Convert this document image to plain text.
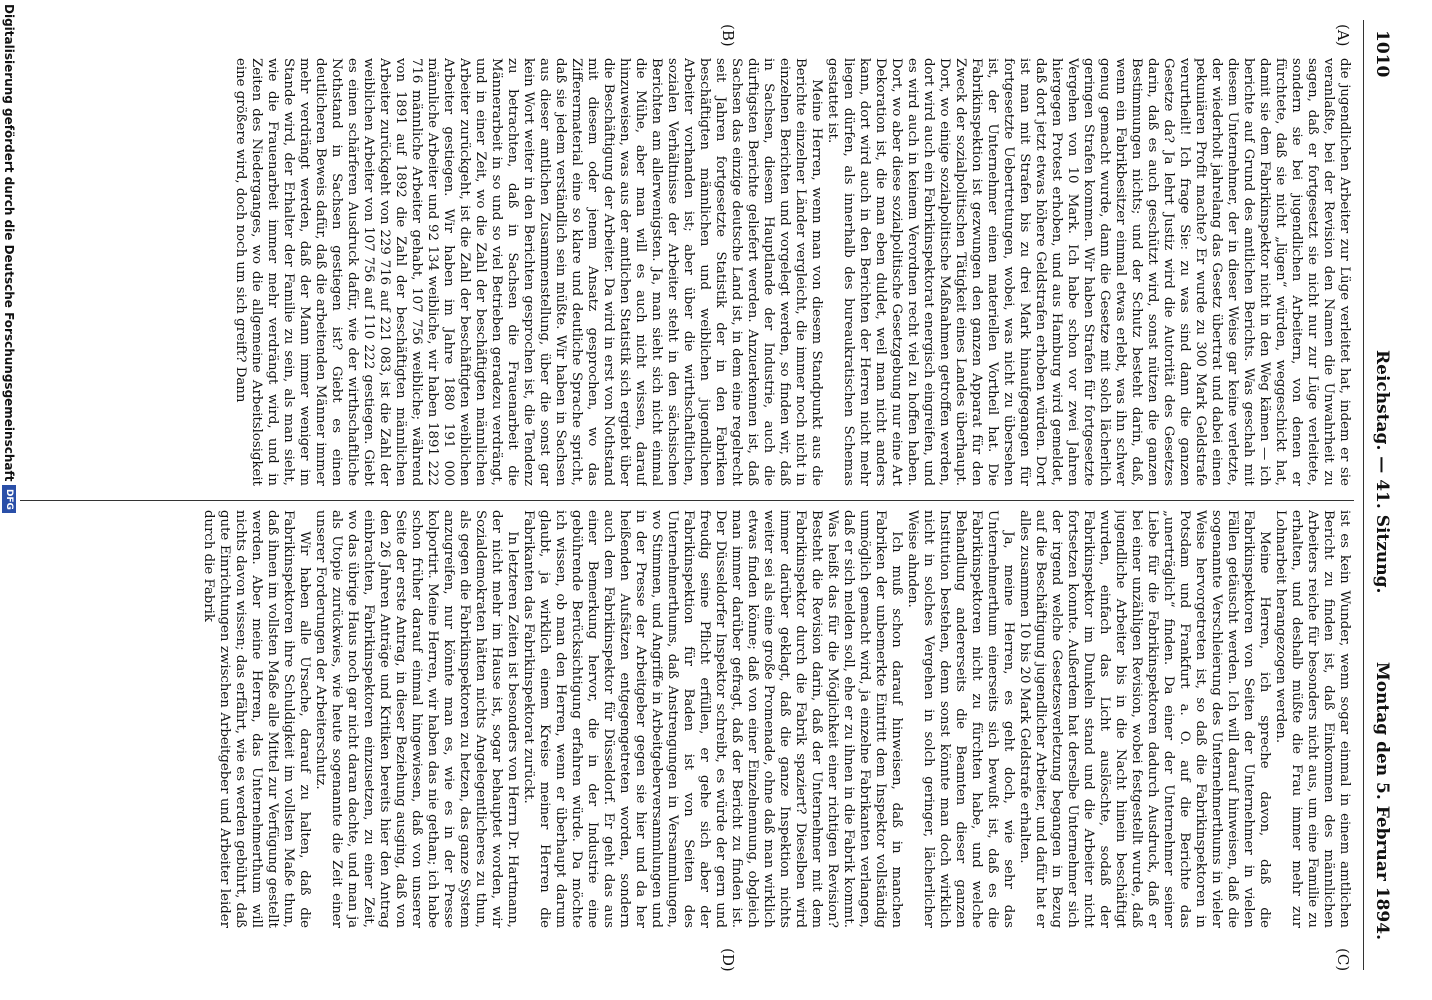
1010
Reichstag. — 41. Sitzung.
Montag den 5. Februar 1894.
(A)
(B)
(C)
(D)

die jugendlichen Arbeiter zur Lüge verleitet hat, indem er sie veranlaßte, bei der Revision den Namen die Unwahrheit zu sagen, daß er fortgesetzt sie nicht nur zur Lüge verleitete, sondern sie bei jugendlichen Arbeitern, von denen er fürchtete, daß sie nicht „lügen“ würden, weggeschickt hat, damit sie dem Fabrikinspektor nicht in den Weg kämen — ich berichte auf Grund des amtlichen Berichts. Was geschah mit diesem Unternehmer, der in dieser Weise gar keine verletzte, der wiederholt jahrelang das Gesetz übertrat und dabei einen pekuniären Profit machte? Er wurde zu 300 Mark Geldstrafe verurtheilt! Ich frage Sie: zu was sind dann die ganzen Gesetze da? Ja lehrt Justiz wird die Autorität des Gesetzes darin, daß es auch geschützt wird, sonst nützen die ganzen Bestimmungen nichts; und der Schutz besteht darin, daß, wenn ein Fabrikbesitzer einmal etwas erlebt, was ihn schwer genug gemacht wurde, dann die Gesetze mit solch lächerlich geringen Strafen kommen. Wir haben Strafen für fortgesetzte Vergehen von 10 Mark. Ich habe schon vor zwei Jahren hiergegen Protest erhoben, und aus Hamburg wird gemeldet, daß dort jetzt etwas höhere Geldstrafen erhoben würden. Dort ist man mit Strafen bis zu drei Mark hinaufgegangen für fortgesetzte Uebertretungen, wobei, was nicht zu übersehen ist, der Unternehmer einen materiellen Vortheil hat. Die Fabrikinspektion ist gezwungen den ganzen Apparat für den Zweck der sozialpolitischen Tätigkeit eines Landes überhaupt. Dort, wo einige sozialpolitische Maßnahmen getroffen werden, dort wird auch ein Fabrikinspektorat energisch eingreifen, und es wird auch in keinem Verordnen recht viel zu hoffen haben. Dort, wo aber diese sozialpolitische Gesetzgebung nur eine Art Dekoration ist, die man eben duldet, weil man nicht anders kann, dort wird auch in den Berichten der Herren nicht mehr liegen dürfen, als innerhalb des bureaukratischen Schemas gestattet ist.

Meine Herren, wenn man von diesem Standpunkt aus die Berichte einzelner Länder vergleicht, die immer noch nicht in einzelnen Berichten und vorgelegt werden, so finden wir, daß in Sachsen, diesem Hauptlande der Industrie, auch die dürftigsten Berichte geliefert werden. Anzuerkennen ist, daß Sachsen das einzige deutsche Land ist, in dem eine regelrecht seit Jahren fortgesetzte Statistik der in den Fabriken beschäftigten männlichen und weiblichen jugendlichen Arbeiter vorhanden ist; aber über die wirthschaftlichen, sozialen Verhältnisse der Arbeiter steht in den sächsischen Berichten am allerwenigsten. Ja, man sieht sich nicht einmal die Mühe, aber man will es auch nicht wissen, darauf hinzuweisen, was aus der amtlichen Statistik sich ergiebt über die Beschäftigung der Arbeiter. Da wird in erst von Nothstand mit diesem oder jenem Ansatz gesprochen, wo das Zifferermaterial eine so klare und deutliche Sprache spricht, daß sie jedem verständlich sein müßte. Wir haben in Sachsen aus dieser amtlichen Zusammenstellung, über die sonst gar kein Wort weiter in den Berichten gesprochen ist, die Tendenz zu betrachten, daß in Sachsen die Frauenarbeit die Männerarbeit in so und so viel Betrieben geradezu verdrängt, und in einer Zeit, wo die Zahl der beschäftigten männlichen Arbeiter zurückgeht, ist die Zahl der beschäftigten weiblichen Arbeiter gestiegen. Wir haben im Jahre 1880 191 000 männliche Arbeiter und 92 134 weibliche, wir haben 1891 222 716 männliche Arbeiter gehabt, 107 756 weibliche; während von 1891 auf 1892 die Zahl der beschäftigten männlichen Arbeiter zurückgeht von 229 716 auf 221 083, ist die Zahl der weiblichen Arbeiter von 107 756 auf 110 222 gestiegen. Giebt es einen schärferen Ausdruck dafür, wie der wirthschaftliche Nothstand in Sachsen gestiegen ist? Giebt es einen deutlicheren Beweis dafür, daß die arbeitenden Männer immer mehr verdrängt werden, daß der Mann immer weniger im Stande wird, der Erhalter der Familie zu sein, als man sieht, wie die Frauenarbeit immer mehr verdrängt wird, und in Zeiten des Niederganges, wo die allgemeine Arbeitslosigkeit eine größere wird, doch noch um sich greift? Dann

ist es kein Wunder, wenn sogar einmal in einem amtlichen Bericht zu finden ist, daß Einkommen des männlichen Arbeiters reiche für besonders nicht aus, um eine Familie zu erhalten, und deshalb müßte die Frau immer mehr zur Lohnarbeit herangezogen werden.

Meine Herren, ich spreche davon, daß die Fabrikinspektoren von Seiten der Unternehmer in vielen Fällen getäuscht werden. Ich will darauf hinweisen, daß die sogenannte Verschleierung des Unternehmerthums in vieler Weise hervorgetreten ist, so daß die Fabrikinspektoren in Potsdam und Frankfurt a. O. auf die Berichte das „unerträglich“ finden. Da einer der Unternehmer seiner Liebe für die Fabrikinspektoren dadurch Ausdruck, daß er bei einer unzähligen Revision, wobei festgestellt wurde, daß jugendliche Arbeiter bis in die Nacht hinein beschäftigt wurden, einfach das Licht auslöschte, sodaß der Fabrikinspektor im Dunkeln stand und die Arbeiter nicht fortsetzen konnte. Außerdem hat derselbe Unternehmer sich der irgend welche Gesetzesverletzung begangen in Bezug auf die Beschäftigung jugendlicher Arbeiter, und dafür hat er alles zusammen 10 bis 20 Mark Geldstrafe erhalten.

Ja, meine Herren, es geht doch, wie sehr das Unternehmerthum einerseits sich bewußt ist, daß es die Fabrikinspektoren nicht zu fürchten habe, und welche Behandlung andererseits die Beamten dieser ganzen Institution bestehen, denn sonst könnte man doch wirklich nicht in solches Vergehen in solch geringer, lächerlicher Weise ahnden.

Ich muß schon darauf hinweisen, daß in manchen Fabriken der unbemerkte Eintritt dem Inspektor vollständig unmöglich gemacht wird, ja einzelne Fabrikanten verlangen, daß er sich melden soll, ehe er zu ihnen in die Fabrik kommt. Was heißt das für die Möglichkeit einer richtigen Revision? Besteht die Revision darin, daß der Unternehmer mit dem Fabrikinspektor durch die Fabrik spaziert? Dieselben wird immer darüber geklagt, daß die ganze Inspektion nichts weiter sei als eine große Promenade, ohne daß man wirklich etwas finden könne; daß von einer Einzelnennung, obgleich man immer darüber gefragt, daß der Bericht zu finden ist. Der Düsseldorfer Inspektor schreibt, es würde der gern und freudig seine Pflicht erfüllen, er gehe sich aber der Fabrikinspektion für Baden ist von Seiten des Unternehmerthums, daß Anstrengungen in Versammlungen, wo Stimmen, und Angriffe in Arbeitgeberversammlungen und in der Presse der Arbeitgeber gegen sie hier und da her heißenden Aufsätzen entgegengetreten worden, sondern auch dem Fabrikinspektor für Düsseldorf. Er geht das aus einer Bemerkung hervor, die in der Industrie eine gebührende Berücksichtigung erfahren würde. Da möchte ich wissen, ob man den Herren, wenn er überhaupt darum glaubt, ja wirklich einem Kreise meiner Herren die Fabrikanten das Fabrikinspektorat zurückt.

In letzteren Zeiten ist besonders von Herrn Dr. Hartmann, der nicht mehr im Hause ist, sogar behauptet worden, wir Sozialdemokraten hätten nichts Angelegentlicheres zu thun, als gegen die Fabrikinspektoren zu hetzen, das ganze System anzugreifen, nur könnte man es, wie es in der Presse kolportirt. Meine Herren, wir haben das nie gethan; ich habe schon früher darauf einmal hingewiesen, daß von unserer Seite der erste Antrag, in dieser Beziehung ausging, daß von den 26 Jahren Anträge und Kritiken bereits hier den Antrag einbrachten, Fabrikinspektoren einzusetzen, zu einer Zeit, wo das übrige Haus noch gar nicht daran dachte, und man ja als Utopie zurückwies, wie heute sogenannte die Zeit einer unserer Forderungen der Arbeiterschutz.

Wir haben alle Ursache, darauf zu halten, daß die Fabrikinspektoren ihre Schuldigkeit im vollsten Maße thun, daß ihnen im vollsten Maße alle Mittel zur Verfügung gestellt werden. Aber meine Herren, das Unternehmerthum will nichts davon wissen; das erfährt, wie es werden gebührt, daß gute Einrichtungen zwischen Arbeitgeber und Arbeiter leider durch die Fabrik

Digitalisierung gefördert durch die Deutsche Forschungsgemeinschaft
DFG
